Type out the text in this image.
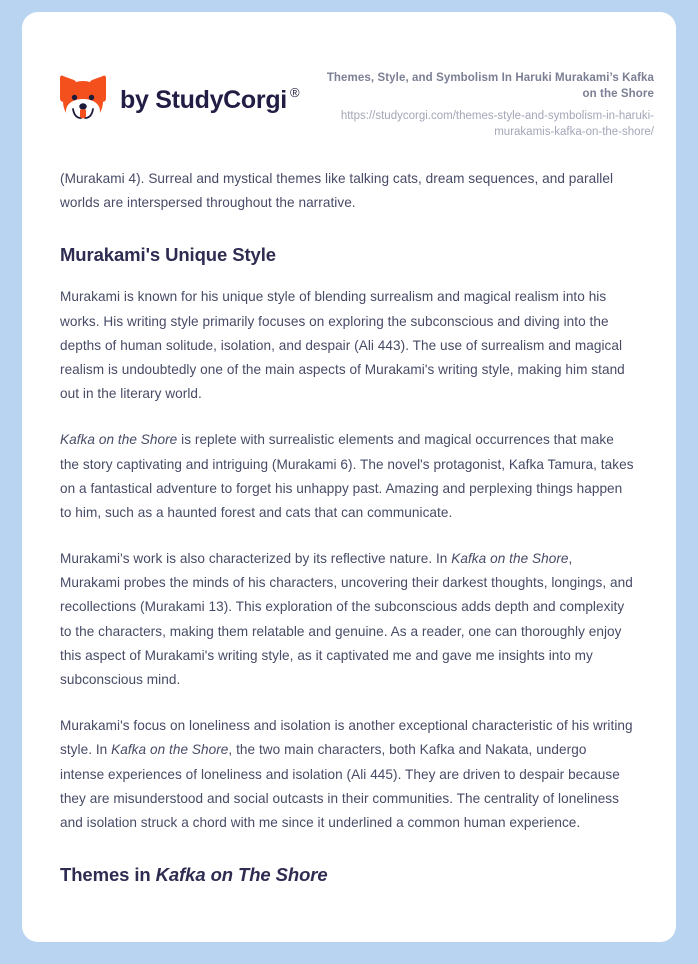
by StudyCorgi ®
Themes, Style, and Symbolism In Haruki Murakami’s Kafka on the Shore
https://studycorgi.com/themes-style-and-symbolism-in-haruki-murakamis-kafka-on-the-shore/

(Murakami 4). Surreal and mystical themes like talking cats, dream sequences, and parallel worlds are interspersed throughout the narrative.

Murakami's Unique Style

Murakami is known for his unique style of blending surrealism and magical realism into his works. His writing style primarily focuses on exploring the subconscious and diving into the depths of human solitude, isolation, and despair (Ali 443). The use of surrealism and magical realism is undoubtedly one of the main aspects of Murakami's writing style, making him stand out in the literary world.

Kafka on the Shore is replete with surrealistic elements and magical occurrences that make the story captivating and intriguing (Murakami 6). The novel's protagonist, Kafka Tamura, takes on a fantastical adventure to forget his unhappy past. Amazing and perplexing things happen to him, such as a haunted forest and cats that can communicate.

Murakami's work is also characterized by its reflective nature. In Kafka on the Shore, Murakami probes the minds of his characters, uncovering their darkest thoughts, longings, and recollections (Murakami 13). This exploration of the subconscious adds depth and complexity to the characters, making them relatable and genuine. As a reader, one can thoroughly enjoy this aspect of Murakami's writing style, as it captivated me and gave me insights into my subconscious mind.

Murakami's focus on loneliness and isolation is another exceptional characteristic of his writing style. In Kafka on the Shore, the two main characters, both Kafka and Nakata, undergo intense experiences of loneliness and isolation (Ali 445). They are driven to despair because they are misunderstood and social outcasts in their communities. The centrality of loneliness and isolation struck a chord with me since it underlined a common human experience.

Themes in Kafka on The Shore
